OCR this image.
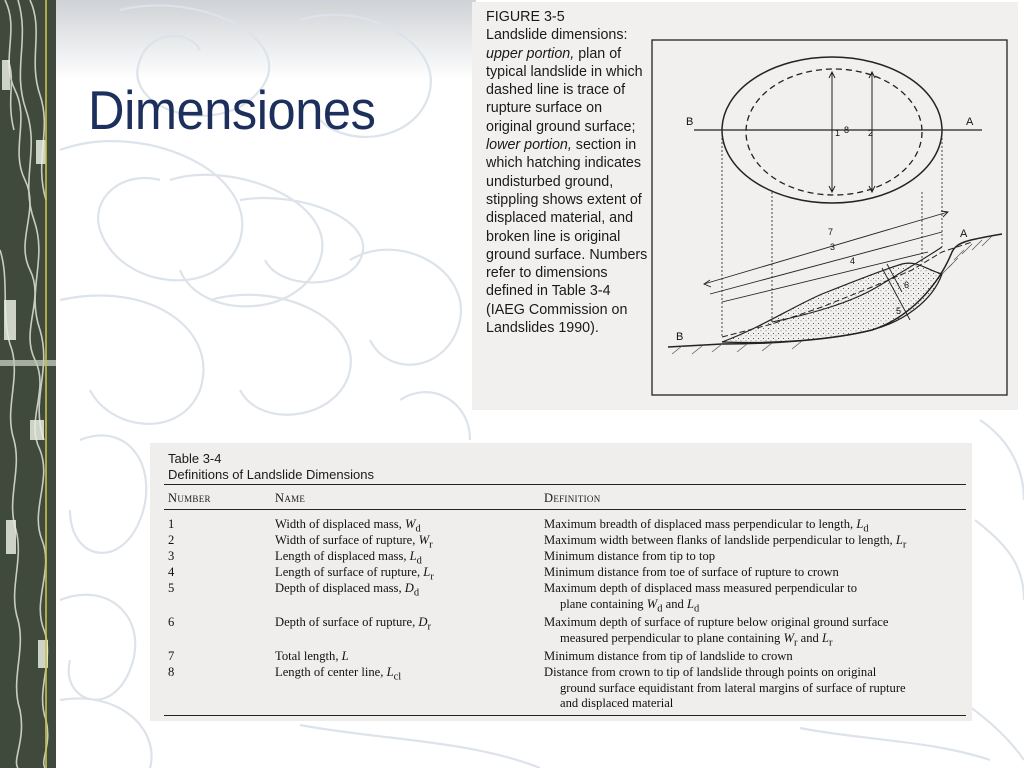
Dimensiones
FIGURE 3-5
Landslide dimensions: upper portion, plan of typical landslide in which dashed line is trace of rupture surface on original ground surface; lower portion, section in which hatching indicates undisturbed ground, stippling shows extent of displaced material, and broken line is original ground surface. Numbers refer to dimensions defined in Table 3-4 (IAEG Commission on Landslides 1990).
B	A
1 8 2
7
3
4
6
5
A
B
Table 3-4
Definitions of Landslide Dimensions
Number	Name	Definition
1	Width of displaced mass, $W_d$	Maximum breadth of displaced mass perpendicular to length, $L_d$
2	Width of surface of rupture, $W_r$	Maximum width between flanks of landslide perpendicular to length, $L_r$
3	Length of displaced mass, $L_d$	Minimum distance from tip to top
4	Length of surface of rupture, $L_r$	Minimum distance from toe of surface of rupture to crown
5	Depth of displaced mass, $D_d$	Maximum depth of displaced mass measured perpendicular to
plane containing $W_d$ and $L_d$
6	Depth of surface of rupture, $D_r$	Maximum depth of surface of rupture below original ground surface
measured perpendicular to plane containing $W_r$ and $L_r$
7	Total length, L	Minimum distance from tip of landslide to crown
8	Length of center line, $L_{cl}$	Distance from crown to tip of landslide through points on original
ground surface equidistant from lateral margins of surface of rupture
and displaced material
